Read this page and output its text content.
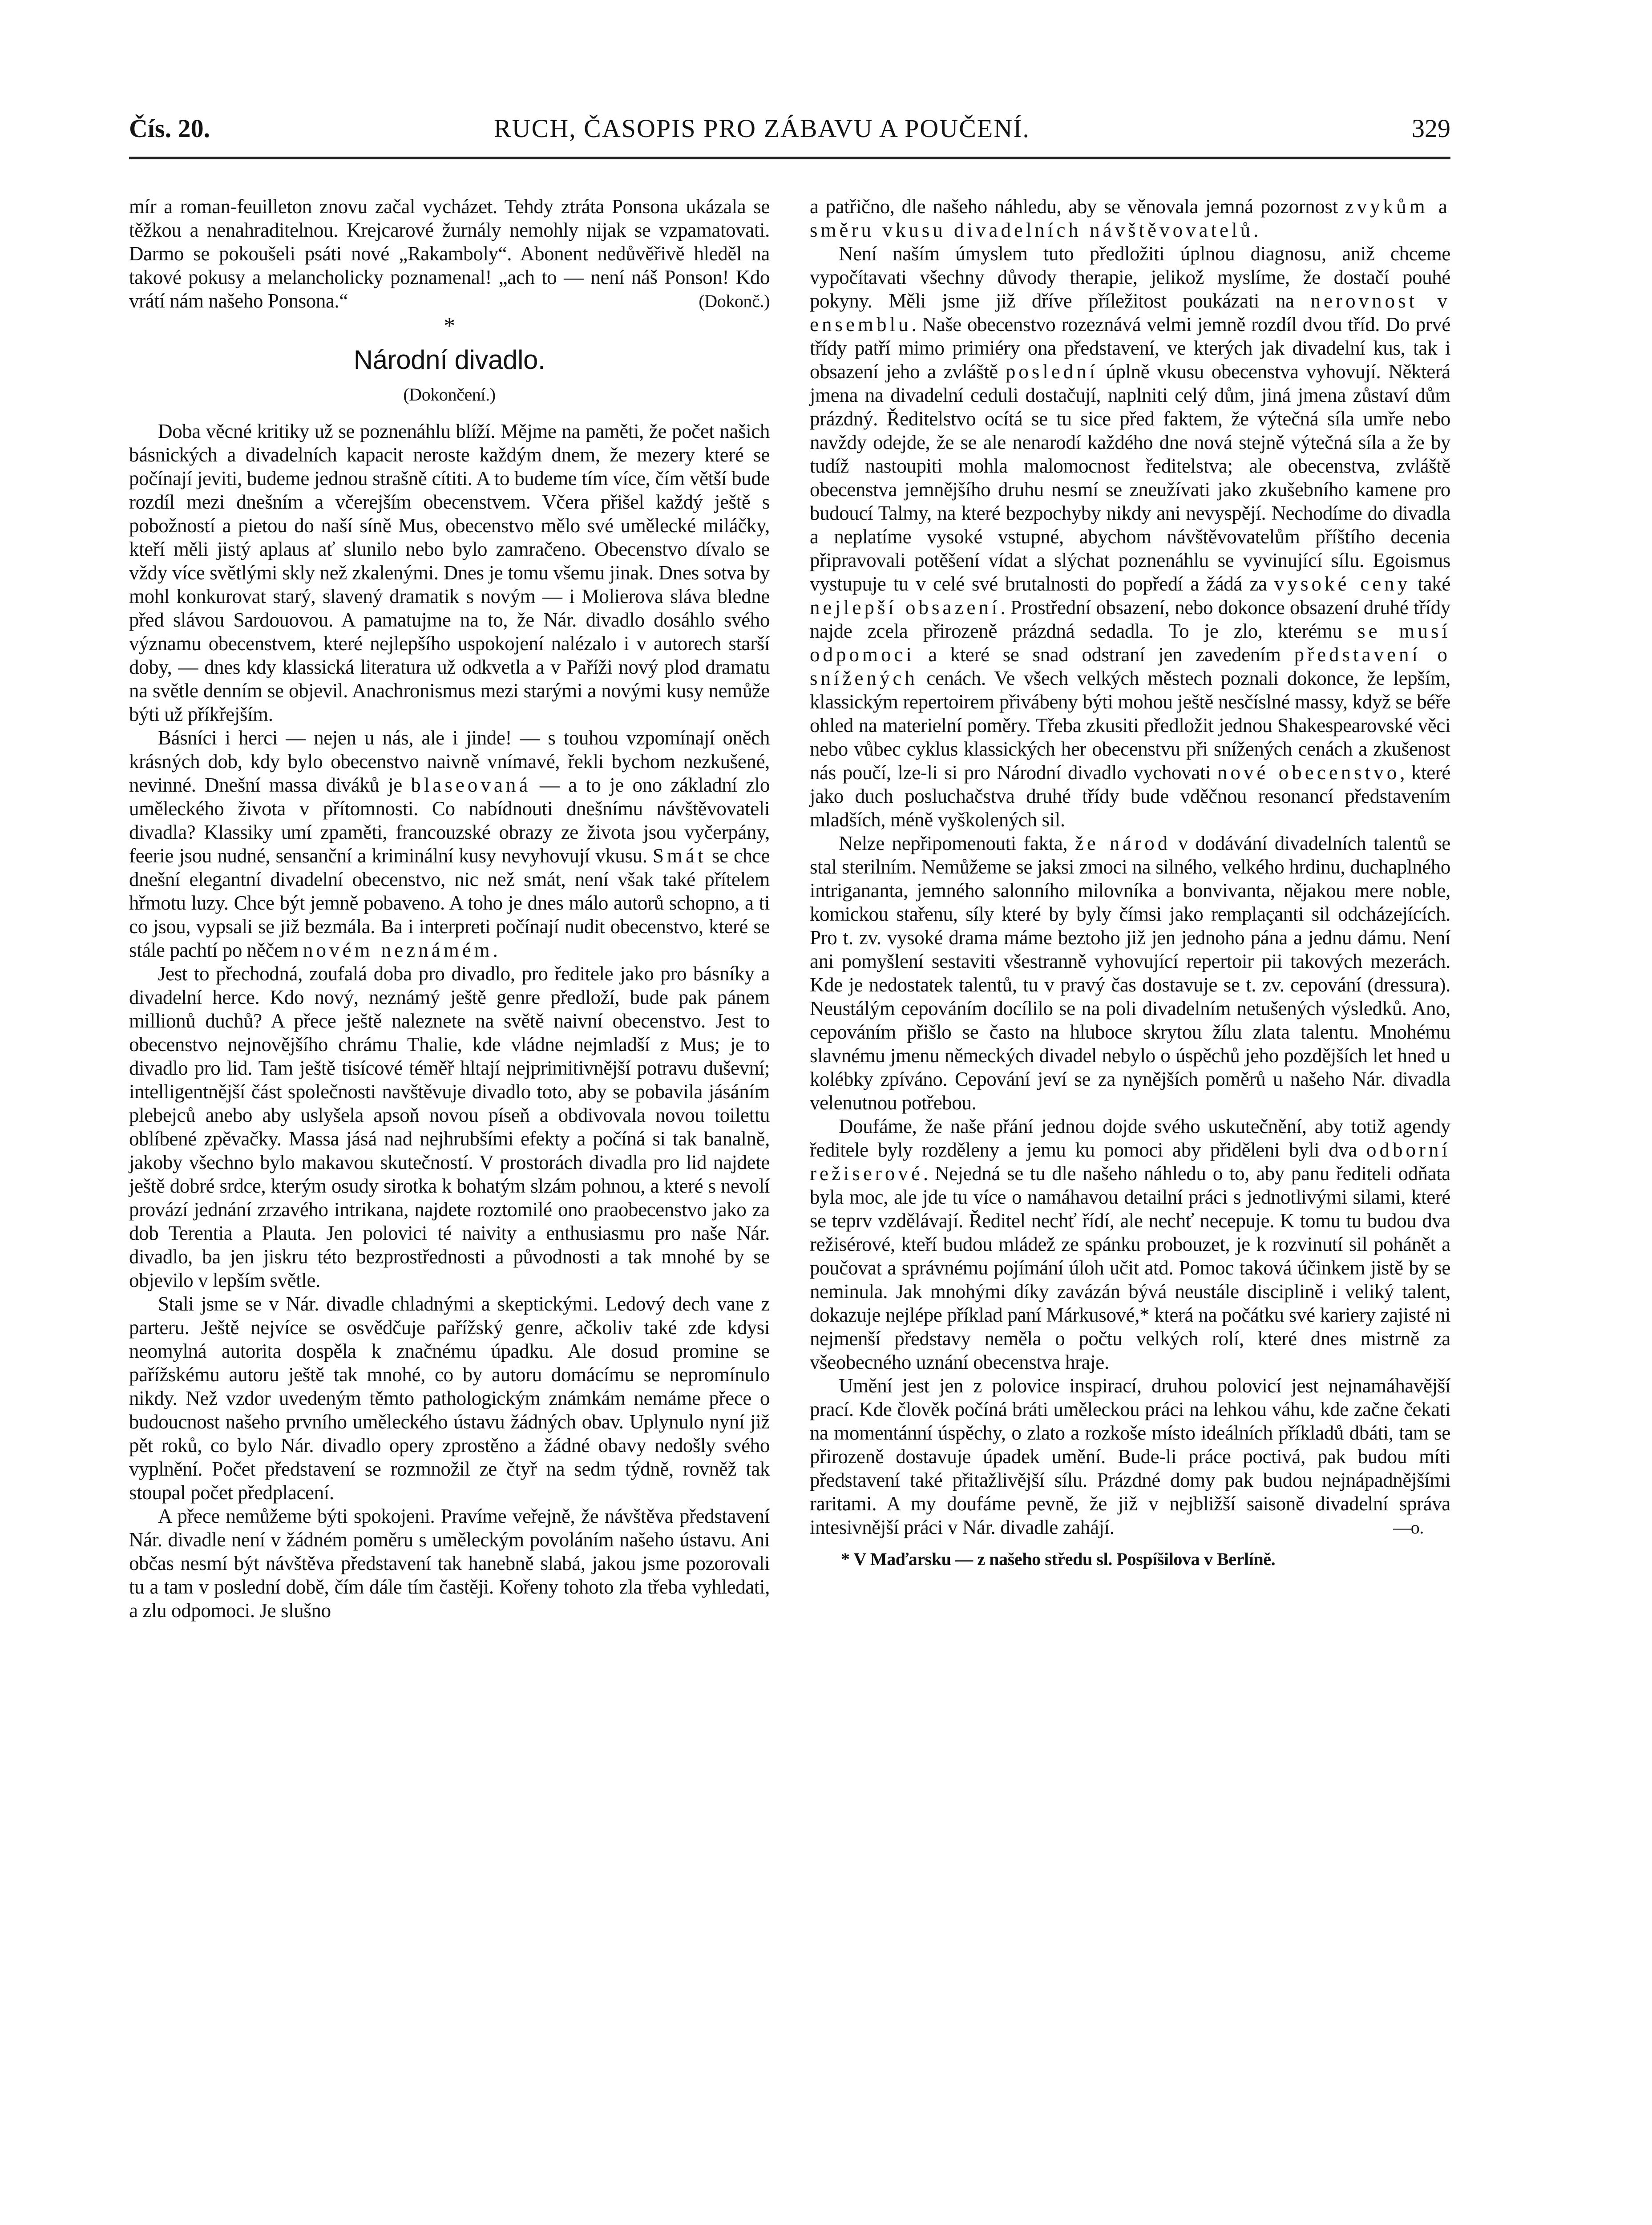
Čís. 20.	RUCH, ČASOPIS PRO ZÁBAVU A POUČENÍ.	329

mír a roman-feuilleton znovu začal vycházet. Tehdy ztráta Ponsona ukázala se těžkou a nenahraditelnou. Krejcarové žurnály nemohly nijak se vzpamatovati. Darmo se pokoušeli psáti nové „Rakamboly“. Abonent nedůvěřivě hleděl na takové pokusy a melancholicky poznamenal! „ach to — není náš Ponson! Kdo vrátí nám našeho Ponsona.“	(Dokonč.)

*
Národní divadlo.
(Dokončení.)

Doba věcné kritiky už se poznenáhlu blíží. Mějme na paměti, že počet našich básnických a divadelních kapacit neroste každým dnem, že mezery které se počínají jeviti, budeme jednou strašně cítiti. A to budeme tím více, čím větší bude rozdíl mezi dnešním a včerejším obecenstvem. Včera přišel každý ještě s pobožností a pietou do naší síně Mus, obecenstvo mělo své umělecké miláčky, kteří měli jistý aplaus ať slunilo nebo bylo zamračeno. Obecenstvo dívalo se vždy více světlými skly než zkalenými. Dnes je tomu všemu jinak. Dnes sotva by mohl konkurovat starý, slavený dramatik s novým — i Molierova sláva bledne před slávou Sardouovou. A pamatujme na to, že Nár. divadlo dosáhlo svého významu obecenstvem, které nejlepšího uspokojení nalézalo i v autorech starší doby, — dnes kdy klassická literatura už odkvetla a v Paříži nový plod dramatu na světle denním se objevil. Anachronismus mezi starými a novými kusy nemůže býti už příkřejším.

Básníci i herci — nejen u nás, ale i jinde! — s touhou vzpomínají oněch krásných dob, kdy bylo obecenstvo naivně vnímavé, řekli bychom nezkušené, nevinné. Dnešní massa diváků je blaseovaná — a to je ono základní zlo uměleckého života v přítomnosti. Co nabídnouti dnešnímu návštěvovateli divadla? Klassiky umí zpaměti, francouzské obrazy ze života jsou vyčerpány, feerie jsou nudné, sensanční a kriminální kusy nevyhovují vkusu. Smát se chce dnešní elegantní divadelní obecenstvo, nic než smát, není však také přítelem hřmotu luzy. Chce být jemně pobaveno. A toho je dnes málo autorů schopno, a ti co jsou, vypsali se již bezmála. Ba i interpreti počínají nudit obecenstvo, které se stále pachtí po něčem novém neznámém.

Jest to přechodná, zoufalá doba pro divadlo, pro ředitele jako pro básníky a divadelní herce. Kdo nový, neznámý ještě genre předloží, bude pak pánem millionů duchů? A přece ještě naleznete na světě naivní obecenstvo. Jest to obecenstvo nejnovějšího chrámu Thalie, kde vládne nejmladší z Mus; je to divadlo pro lid. Tam ještě tisícové téměř hltají nejprimitivnější potravu duševní; intelligentnější část společnosti navštěvuje divadlo toto, aby se pobavila jásáním plebejců anebo aby uslyšela apsoň novou píseň a obdivovala novou toilettu oblíbené zpěvačky. Massa jásá nad nejhrubšími efekty a počíná si tak banalně, jakoby všechno bylo makavou skutečností. V prostorách divadla pro lid najdete ještě dobré srdce, kterým osudy sirotka k bohatým slzám pohnou, a které s nevolí provází jednání zrzavého intrikana, najdete roztomilé ono praobecenstvo jako za dob Terentia a Plauta. Jen polovici té naivity a enthusiasmu pro naše Nár. divadlo, ba jen jiskru této bezprostřednosti a původnosti a tak mnohé by se objevilo v lepším světle.

Stali jsme se v Nár. divadle chladnými a skeptickými. Ledový dech vane z parteru. Ještě nejvíce se osvědčuje pařížský genre, ačkoliv také zde kdysi neomylná autorita dospěla k značnému úpadku. Ale dosud promine se pařížskému autoru ještě tak mnohé, co by autoru domácímu se nepromínulo nikdy. Než vzdor uvedeným těmto pathologickým známkám nemáme přece o budoucnost našeho prvního uměleckého ústavu žádných obav. Uplynulo nyní již pět roků, co bylo Nár. divadlo opery zprostěno a žádné obavy nedošly svého vyplnění. Počet představení se rozmnožil ze čtyř na sedm týdně, rovněž tak stoupal počet předplacení.

A přece nemůžeme býti spokojeni. Pravíme veřejně, že návštěva představení Nár. divadle není v žádném poměru s uměleckým povoláním našeho ústavu. Ani občas nesmí být návštěva představení tak hanebně slabá, jakou jsme pozorovali tu a tam v poslední době, čím dále tím častěji. Kořeny tohoto zla třeba vyhledati, a zlu odpomoci. Je slušno

a patřično, dle našeho náhledu, aby se věnovala jemná pozornost zvykům a směru vkusu divadelních návštěvovatelů.

Není naším úmyslem tuto předložiti úplnou diagnosu, aniž chceme vypočítavati všechny důvody therapie, jelikož myslíme, že dostačí pouhé pokyny. Měli jsme již dříve příležitost poukázati na nerovnost v ensemblu. Naše obecenstvo rozeznává velmi jemně rozdíl dvou tříd. Do prvé třídy patří mimo primiéry ona představení, ve kterých jak divadelní kus, tak i obsazení jeho a zvláště poslední úplně vkusu obecenstva vyhovují. Některá jmena na divadelní ceduli dostačují, naplniti celý dům, jiná jmena zůstaví dům prázdný. Ředitelstvo ocítá se tu sice před faktem, že výtečná síla umře nebo navždy odejde, že se ale nenarodí každého dne nová stejně výtečná síla a že by tudíž nastoupiti mohla malomocnost ředitelstva; ale obecenstva, zvláště obecenstva jemnějšího druhu nesmí se zneužívati jako zkušebního kamene pro budoucí Talmy, na které bezpochyby nikdy ani nevyspějí. Nechodíme do divadla a neplatíme vysoké vstupné, abychom návštěvovatelům příštího decenia připravovali potěšení vídat a slýchat poznenáhlu se vyvinující sílu. Egoismus vystupuje tu v celé své brutalnosti do popředí a žádá za vysoké ceny také nejlepší obsazení. Prostřední obsazení, nebo dokonce obsazení druhé třídy najde zcela přirozeně prázdná sedadla. To je zlo, kterému se musí odpomoci a které se snad odstraní jen zavedením představení o snížených cenách. Ve všech velkých městech poznali dokonce, že lepším, klassickým repertoirem přivábeny býti mohou ještě nesčíslné massy, když se béře ohled na materielní poměry. Třeba zkusiti předložit jednou Shakespearovské věci nebo vůbec cyklus klassických her obecenstvu při snížených cenách a zkušenost nás poučí, lze-li si pro Národní divadlo vychovati nové obecenstvo, které jako duch posluchačstva druhé třídy bude vděčnou resonancí představením mladších, méně vyškolených sil.

Nelze nepřipomenouti fakta, že národ v dodávání divadelních talentů se stal sterilním. Nemůžeme se jaksi zmoci na silného, velkého hrdinu, duchaplného intrigananta, jemného salonního milovníka a bonvivanta, nějakou mere noble, komickou stařenu, síly které by byly čímsi jako remplaçanti sil odcházejících. Pro t. zv. vysoké drama máme beztoho již jen jednoho pána a jednu dámu. Není ani pomyšlení sestaviti všestranně vyhovující repertoir pii takových mezerách. Kde je nedostatek talentů, tu v pravý čas dostavuje se t. zv. cepování (dressura). Neustálým cepováním docílilo se na poli divadelním netušených výsledků. Ano, cepováním přišlo se často na hluboce skrytou žílu zlata talentu. Mnohému slavnému jmenu německých divadel nebylo o úspěchů jeho pozdějších let hned u kolébky zpíváno. Cepování jeví se za nynějších poměrů u našeho Nár. divadla velenutnou potřebou.

Doufáme, že naše přání jednou dojde svého uskutečnění, aby totiž agendy ředitele byly rozděleny a jemu ku pomoci aby přiděleni byli dva odborní režiserové. Nejedná se tu dle našeho náhledu o to, aby panu řediteli odňata byla moc, ale jde tu více o namáhavou detailní práci s jednotlivými silami, které se teprv vzdělávají. Ředitel nechť řídí, ale nechť necepuje. K tomu tu budou dva režisérové, kteří budou mládež ze spánku probouzet, je k rozvinutí sil pohánět a poučovat a správnému pojímání úloh učit atd. Pomoc taková účinkem jistě by se neminula. Jak mnohými díky zavázán bývá neustále disciplině i veliký talent, dokazuje nejlépe příklad paní Márkusové,* která na počátku své kariery zajisté ni nejmenší představy neměla o počtu velkých rolí, které dnes mistrně za všeobecného uznání obecenstva hraje.

Umění jest jen z polovice inspirací, druhou polovicí jest nejnamáhavější prací. Kde člověk počíná bráti uměleckou práci na lehkou váhu, kde začne čekati na momentánní úspěchy, o zlato a rozkoše místo ideálních příkladů dbáti, tam se přirozeně dostavuje úpadek umění. Bude-li práce poctivá, pak budou míti představení také přitažlivější sílu. Prázdné domy pak budou nejnápadnějšími raritami. A my doufáme pevně, že již v nejbližší saisoně divadelní správa intesivnější práci v Nár. divadle zahájí.	—o.

* V Maďarsku — z našeho středu sl. Pospíšilova v Berlíně.
